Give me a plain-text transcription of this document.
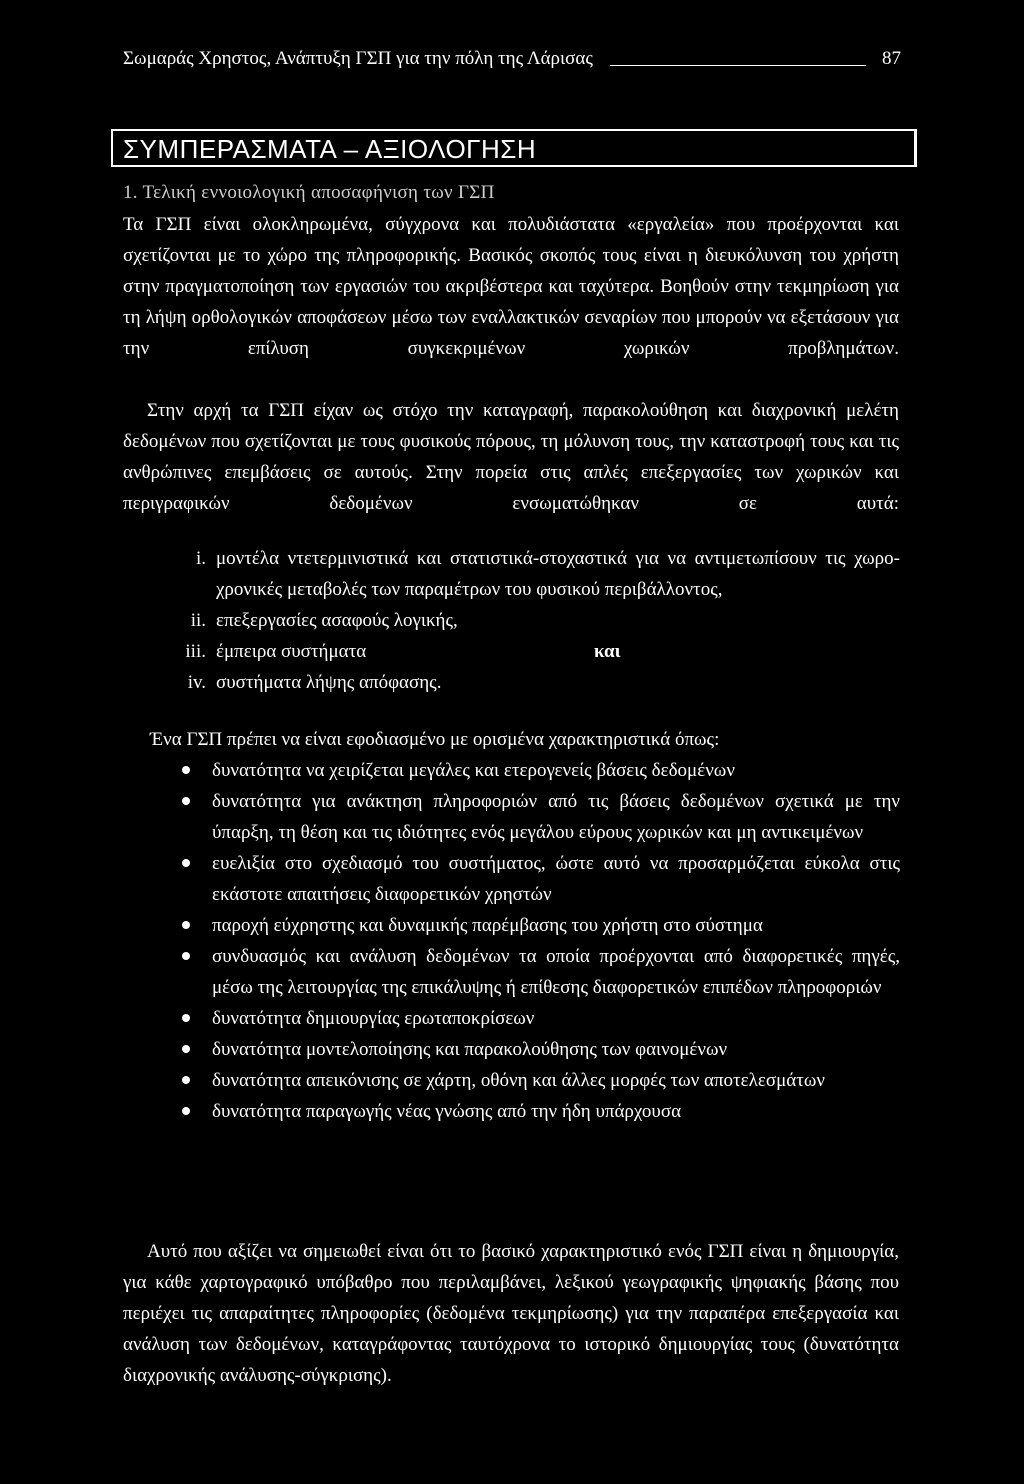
Σωμαράς Χρηστος, Ανάπτυξη ΓΣΠ για την πόλη της Λάρισας	87
ΣΥΜΠΕΡΑΣΜΑΤΑ – ΑΞΙΟΛΟΓΗΣΗ
1. Τελική εννοιολογική αποσαφήνιση των ΓΣΠ

Τα ΓΣΠ είναι ολοκληρωμένα, σύγχρονα και πολυδιάστατα «εργαλεία» που προέρχονται και σχετίζονται με το χώρο της πληροφορικής. Βασικός σκοπός τους είναι η διευκόλυνση του χρήστη στην πραγματοποίηση των εργασιών του ακριβέστερα και ταχύτερα. Βοηθούν στην τεκμηρίωση για τη λήψη ορθολογικών αποφάσεων μέσω των εναλλακτικών σεναρίων που μπορούν να εξετάσουν για την επίλυση συγκεκριμένων χωρικών προβλημάτων.

Στην αρχή τα ΓΣΠ είχαν ως στόχο την καταγραφή, παρακολούθηση και διαχρονική μελέτη δεδομένων που σχετίζονται με τους φυσικούς πόρους, τη μόλυνση τους, την καταστροφή τους και τις ανθρώπινες επεμβάσεις σε αυτούς. Στην πορεία στις απλές επεξεργασίες των χωρικών και περιγραφικών δεδομένων ενσωματώθηκαν σε αυτά:

i. μοντέλα ντετερμινιστικά και στατιστικά-στοχαστικά για να αντιμετωπίσουν τις χωρο-χρονικές μεταβολές των παραμέτρων του φυσικού περιβάλλοντος,
ii. επεξεργασίες ασαφούς λογικής,
iii. έμπειρα συστήματα	και
iv. συστήματα λήψης απόφασης.

Ένα ΓΣΠ πρέπει να είναι εφοδιασμένο με ορισμένα χαρακτηριστικά όπως:

δυνατότητα να χειρίζεται μεγάλες και ετερογενείς βάσεις δεδομένων
δυνατότητα για ανάκτηση πληροφοριών από τις βάσεις δεδομένων σχετικά με την ύπαρξη, τη θέση και τις ιδιότητες ενός μεγάλου εύρους χωρικών και μη αντικειμένων
ευελιξία στο σχεδιασμό του συστήματος, ώστε αυτό να προσαρμόζεται εύκολα στις εκάστοτε απαιτήσεις διαφορετικών χρηστών
παροχή εύχρηστης και δυναμικής παρέμβασης του χρήστη στο σύστημα
συνδυασμός και ανάλυση δεδομένων τα οποία προέρχονται από διαφορετικές πηγές, μέσω της λειτουργίας της επικάλυψης ή επίθεσης διαφορετικών επιπέδων πληροφοριών
δυνατότητα δημιουργίας ερωταποκρίσεων
δυνατότητα μοντελοποίησης και παρακολούθησης των φαινομένων
δυνατότητα απεικόνισης σε χάρτη, οθόνη και άλλες μορφές των αποτελεσμάτων
δυνατότητα παραγωγής νέας γνώσης από την ήδη υπάρχουσα

Αυτό που αξίζει να σημειωθεί είναι ότι το βασικό χαρακτηριστικό ενός ΓΣΠ είναι η δημιουργία, για κάθε χαρτογραφικό υπόβαθρο που περιλαμβάνει, λεξικού γεωγραφικής ψηφιακής βάσης που περιέχει τις απαραίτητες πληροφορίες (δεδομένα τεκμηρίωσης) για την παραπέρα επεξεργασία και ανάλυση των δεδομένων, καταγράφοντας ταυτόχρονα το ιστορικό δημιουργίας τους (δυνατότητα διαχρονικής ανάλυσης-σύγκρισης).
